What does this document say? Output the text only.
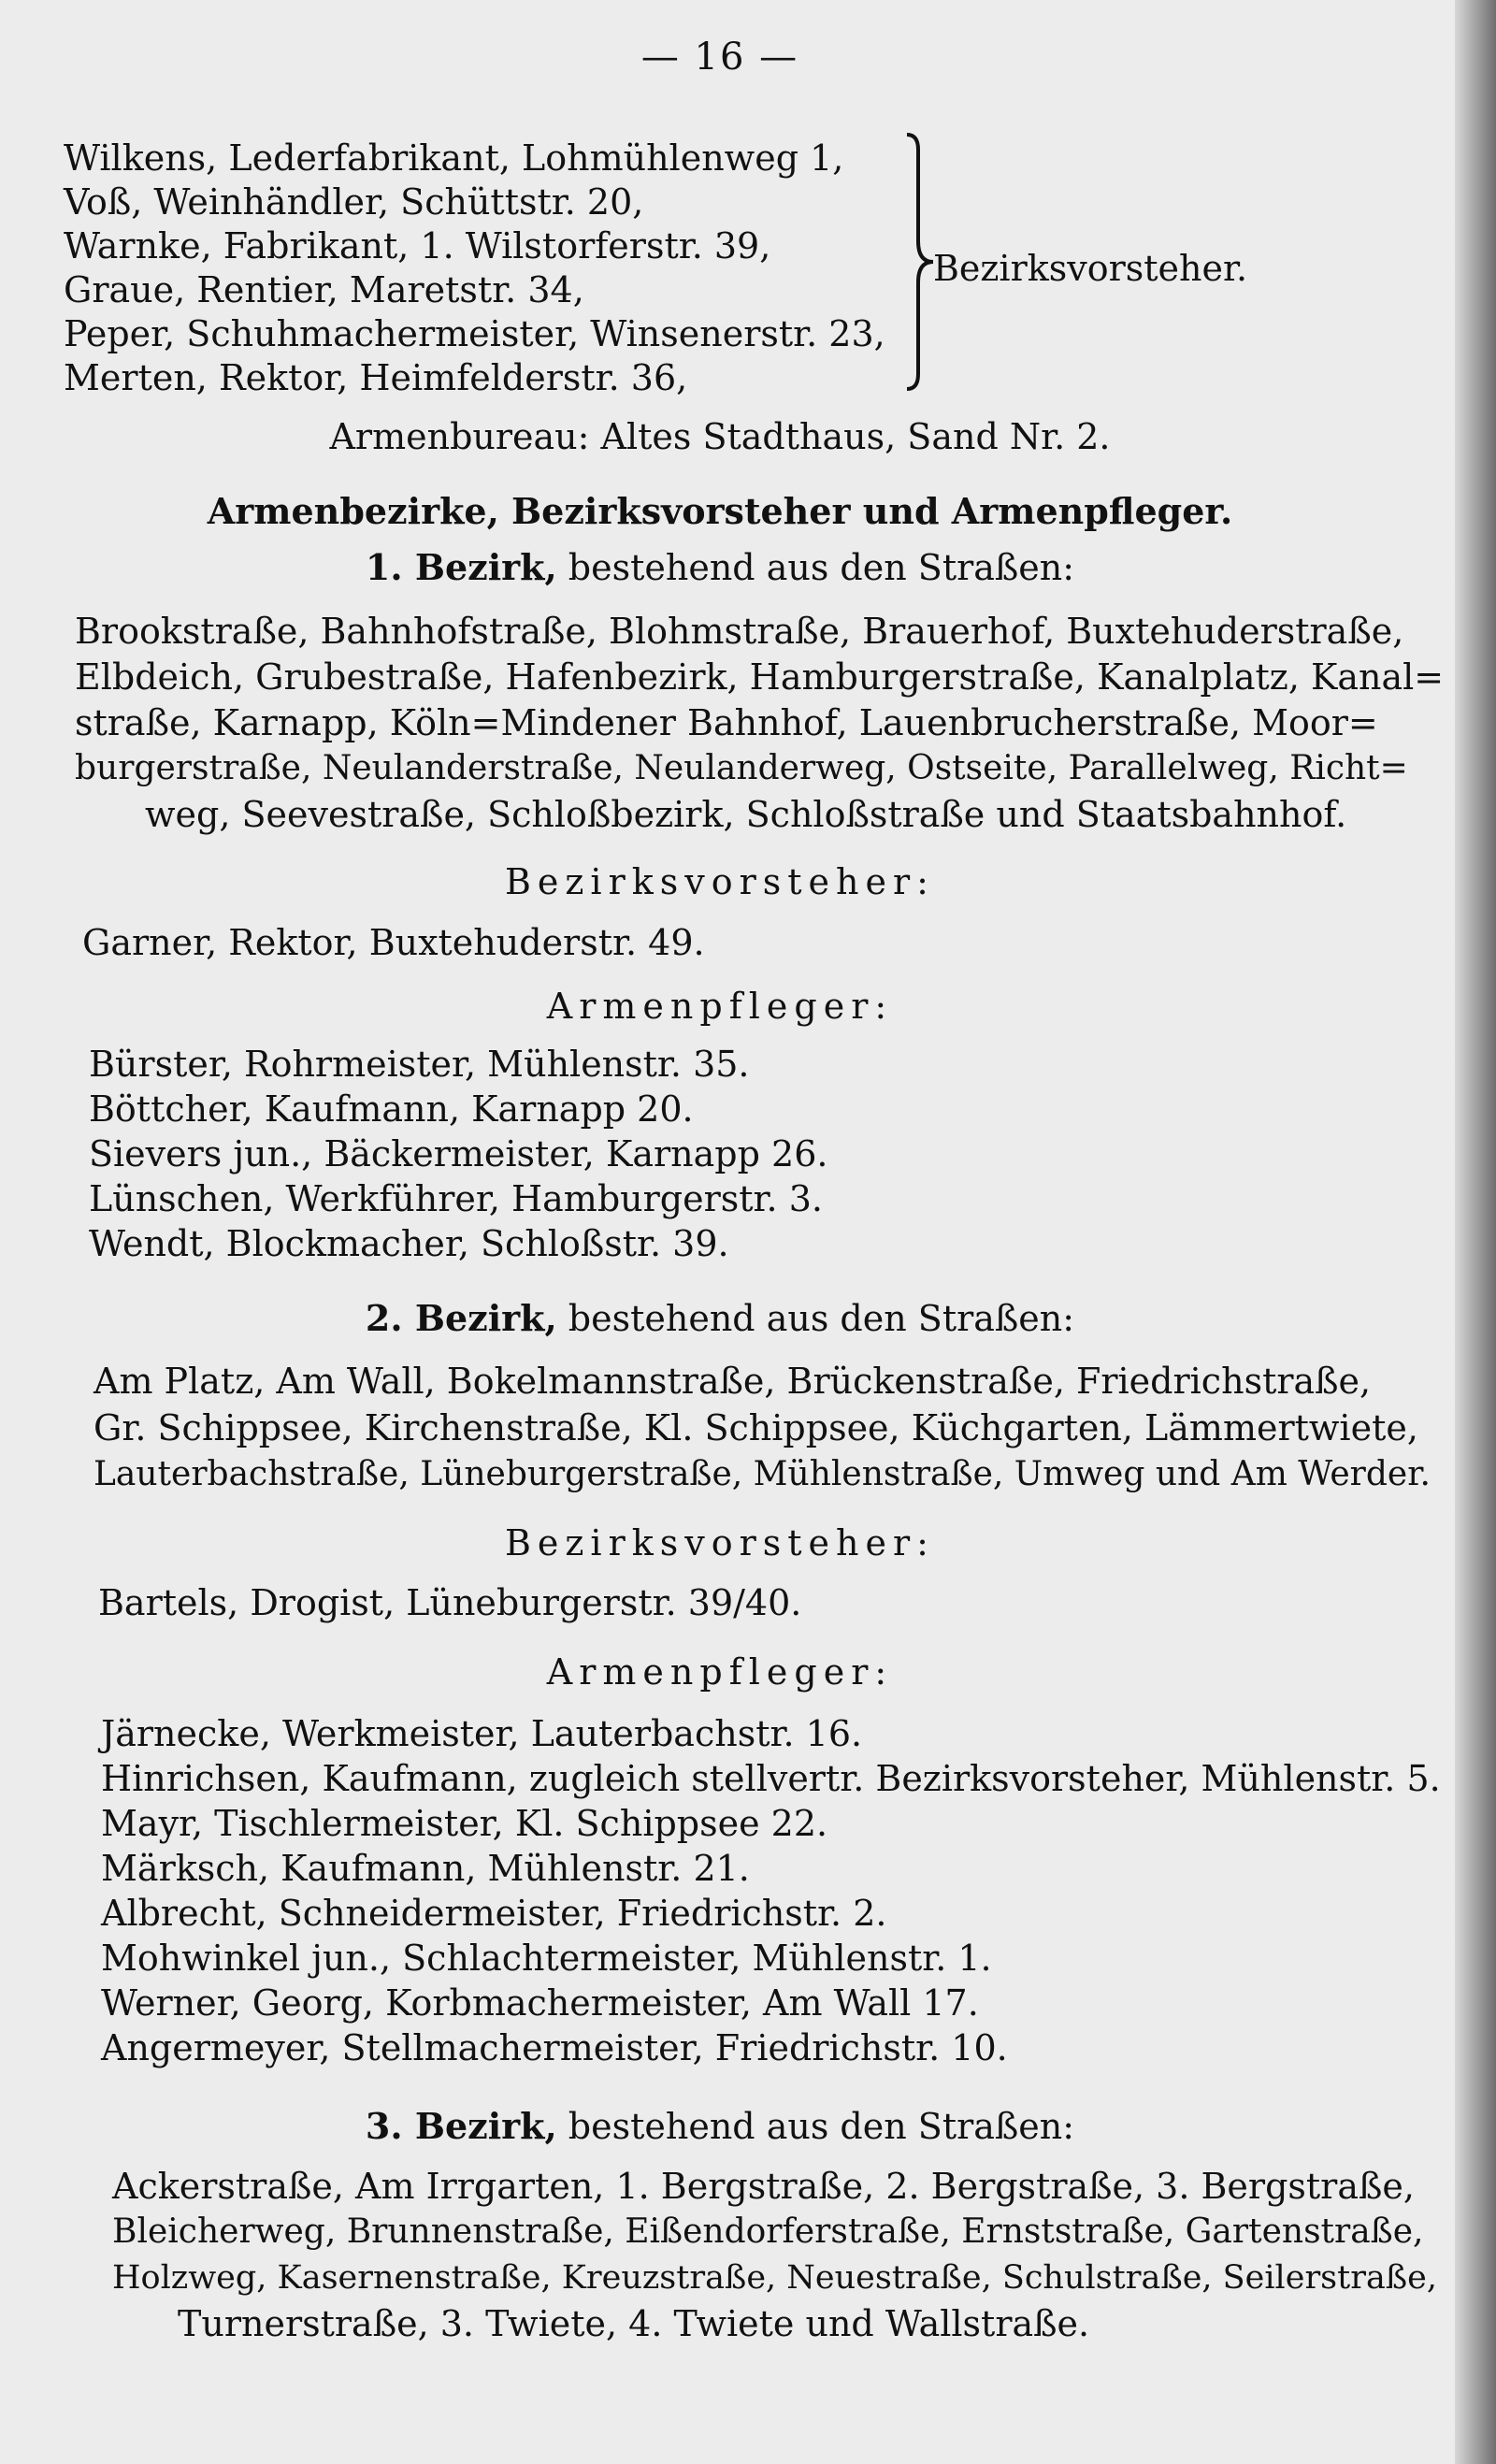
— 16 —
Wilkens, Lederfabrikant, Lohmühlenweg 1,
Voß, Weinhändler, Schüttstr. 20,
Warnke, Fabrikant, 1. Wilstorferstr. 39,
Graue, Rentier, Maretstr. 34,
Peper, Schuhmachermeister, Winsenerstr. 23,
Merten, Rektor, Heimfelderstr. 36,
Bezirksvorsteher.
Armenbureau: Altes Stadthaus, Sand Nr. 2.
Armenbezirke, Bezirksvorsteher und Armenpfleger.
1. Bezirk, bestehend aus den Straßen:
Brookstraße, Bahnhofstraße, Blohmstraße, Brauerhof, Buxtehuderstraße,
Elbdeich, Grubestraße, Hafenbezirk, Hamburgerstraße, Kanalplatz, Kanal=
straße, Karnapp, Köln=Mindener Bahnhof, Lauenbrucherstraße, Moor=
burgerstraße, Neulanderstraße, Neulanderweg, Ostseite, Parallelweg, Richt=
weg, Seevestraße, Schloßbezirk, Schloßstraße und Staatsbahnhof.
Bezirksvorsteher:
Garner, Rektor, Buxtehuderstr. 49.
Armenpfleger:
Bürster, Rohrmeister, Mühlenstr. 35.
Böttcher, Kaufmann, Karnapp 20.
Sievers jun., Bäckermeister, Karnapp 26.
Lünschen, Werkführer, Hamburgerstr. 3.
Wendt, Blockmacher, Schloßstr. 39.
2. Bezirk, bestehend aus den Straßen:
Am Platz, Am Wall, Bokelmannstraße, Brückenstraße, Friedrichstraße,
Gr. Schippsee, Kirchenstraße, Kl. Schippsee, Küchgarten, Lämmertwiete,
Lauterbachstraße, Lüneburgerstraße, Mühlenstraße, Umweg und Am Werder.
Bezirksvorsteher:
Bartels, Drogist, Lüneburgerstr. 39/40.
Armenpfleger:
Järnecke, Werkmeister, Lauterbachstr. 16.
Hinrichsen, Kaufmann, zugleich stellvertr. Bezirksvorsteher, Mühlenstr. 5.
Mayr, Tischlermeister, Kl. Schippsee 22.
Märksch, Kaufmann, Mühlenstr. 21.
Albrecht, Schneidermeister, Friedrichstr. 2.
Mohwinkel jun., Schlachtermeister, Mühlenstr. 1.
Werner, Georg, Korbmachermeister, Am Wall 17.
Angermeyer, Stellmachermeister, Friedrichstr. 10.
3. Bezirk, bestehend aus den Straßen:
Ackerstraße, Am Irrgarten, 1. Bergstraße, 2. Bergstraße, 3. Bergstraße,
Bleicherweg, Brunnenstraße, Eißendorferstraße, Ernststraße, Gartenstraße,
Holzweg, Kasernenstraße, Kreuzstraße, Neuestraße, Schulstraße, Seilerstraße,
Turnerstraße, 3. Twiete, 4. Twiete und Wallstraße.
